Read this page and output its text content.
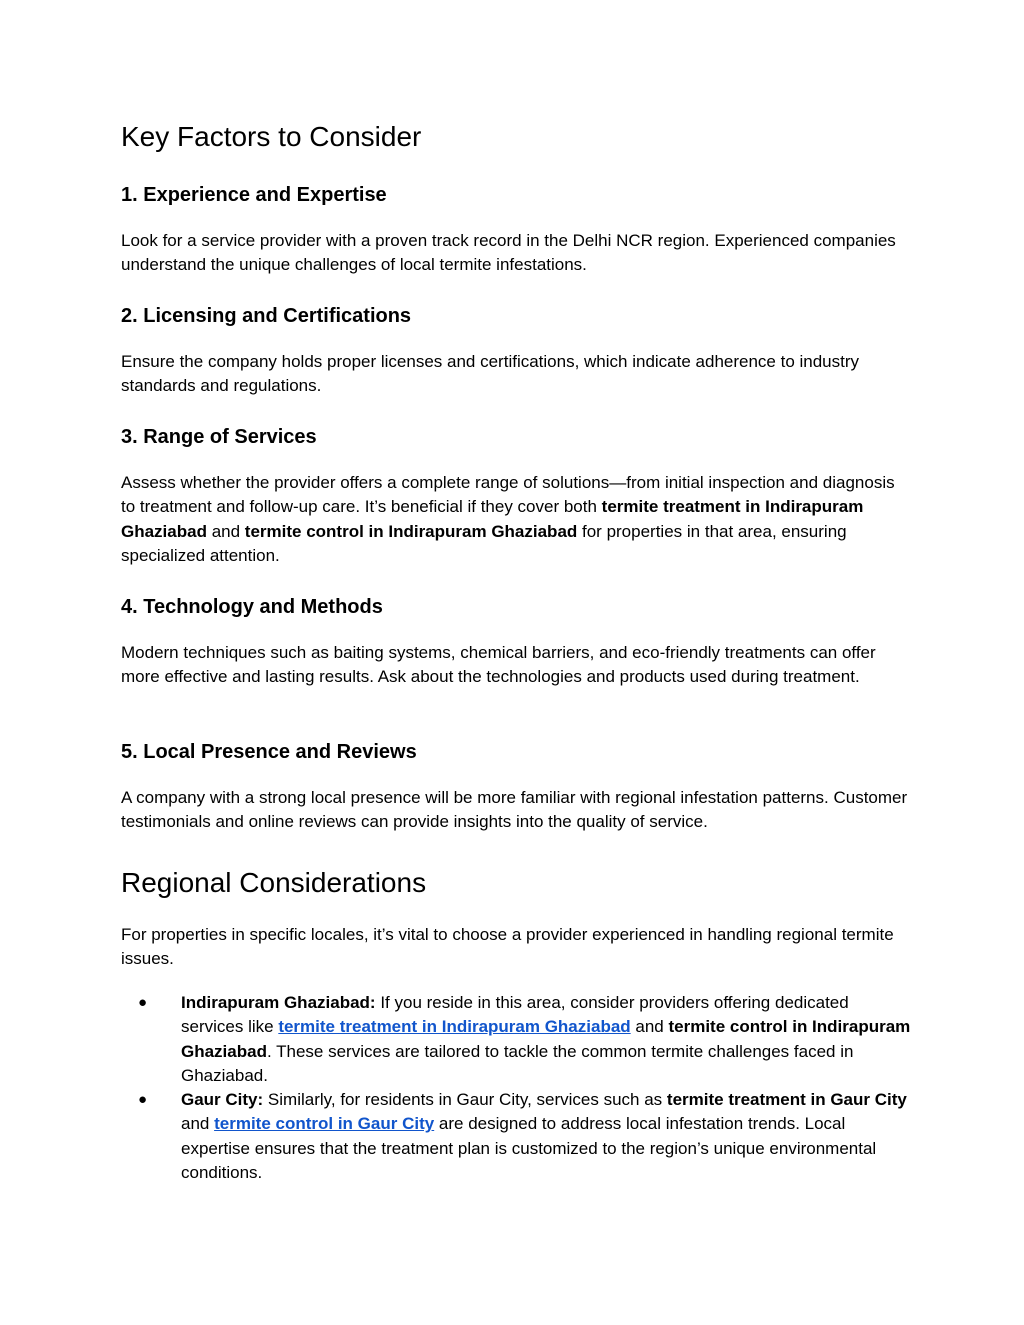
Key Factors to Consider
1. Experience and Expertise

Look for a service provider with a proven track record in the Delhi NCR region. Experienced companies understand the unique challenges of local termite infestations.

2. Licensing and Certifications

Ensure the company holds proper licenses and certifications, which indicate adherence to industry standards and regulations.

3. Range of Services

Assess whether the provider offers a complete range of solutions—from initial inspection and diagnosis to treatment and follow-up care. It’s beneficial if they cover both termite treatment in Indirapuram Ghaziabad and termite control in Indirapuram Ghaziabad for properties in that area, ensuring specialized attention.

4. Technology and Methods

Modern techniques such as baiting systems, chemical barriers, and eco-friendly treatments can offer more effective and lasting results. Ask about the technologies and products used during treatment.

5. Local Presence and Reviews

A company with a strong local presence will be more familiar with regional infestation patterns. Customer testimonials and online reviews can provide insights into the quality of service.

Regional Considerations

For properties in specific locales, it’s vital to choose a provider experienced in handling regional termite issues.

● Indirapuram Ghaziabad: If you reside in this area, consider providers offering dedicated services like termite treatment in Indirapuram Ghaziabad and termite control in Indirapuram Ghaziabad. These services are tailored to tackle the common termite challenges faced in Ghaziabad.
● Gaur City: Similarly, for residents in Gaur City, services such as termite treatment in Gaur City and termite control in Gaur City are designed to address local infestation trends. Local expertise ensures that the treatment plan is customized to the region’s unique environmental conditions.
